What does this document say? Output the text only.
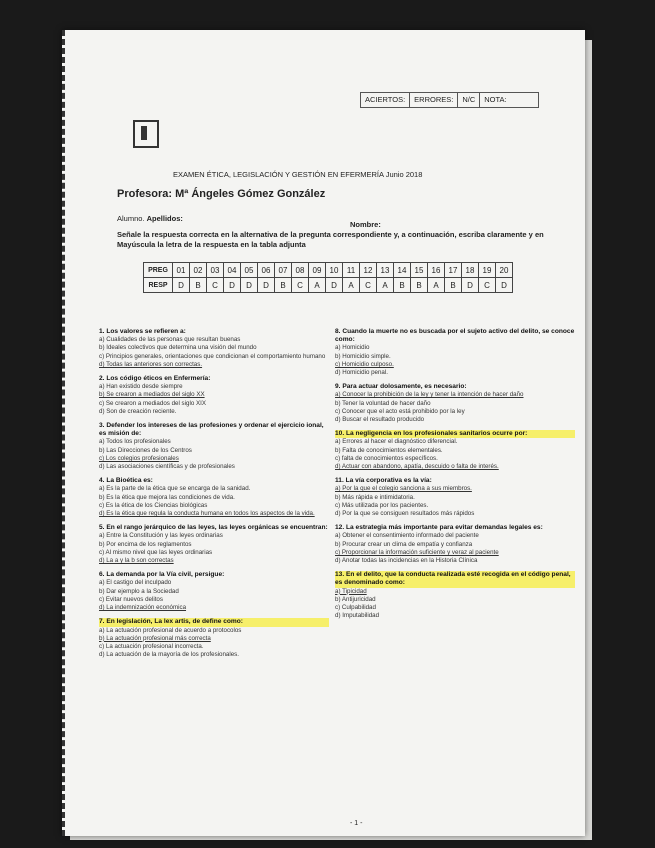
ACIERTOS:	ERRORES:	N/C	NOTA:
EXAMEN ÉTICA, LEGISLACIÓN Y GESTIÓN EN EFERMERÍA Junio 2018
Profesora: Mª Ángeles Gómez González
Alumno. Apellidos:
Nombre:
Señale la respuesta correcta en la alternativa de la pregunta correspondiente y, a continuación, escriba claramente y en Mayúscula la letra de la respuesta en la tabla adjunta
PREG	01	02	03	04	05	06	07	08	09	10	11	12	13	14	15	16	17	18	19	20
RESP	D	B	C	D	D	D	B	C	A	D	A	C	A	B	B	A	B	D	C	D
1. Los valores se refieren a:
a) Cualidades de las personas que resultan buenas
b) Ideales colectivos que determina una visión del mundo
c) Principios generales, orientaciones que condicionan el comportamiento humano
d) Todas las anteriores son correctas.
2. Los código éticos en Enfermería:
a) Han existido desde siempre
b) Se crearon a mediados del siglo XX
c) Se crearon a mediados del siglo XIX
d) Son de creación reciente.
3. Defender los intereses de las profesiones y ordenar el ejercicio ional, es misión de:
a) Todos los profesionales
b) Las Direcciones de los Centros
c) Los colegios profesionales
d) Las asociaciones científicas y de profesionales
4. La Bioética es:
a) Es la parte de la ética que se encarga de la sanidad.
b) Es la ética que mejora las condiciones de vida.
c) Es la ética de los Ciencias biológicas
d) Es la ética que regula la conducta humana en todos los aspectos de la vida.
5. En el rango jerárquico de las leyes, las leyes orgánicas se encuentran:
a) Entre la Constitución y las leyes ordinarias
b) Por encima de los reglamentos
c) Al mismo nivel que las leyes ordinarias
d) La a y la b son correctas
6. La demanda por la Vía civil, persigue:
a) El castigo del inculpado
b) Dar ejemplo a la Sociedad
c) Evitar nuevos delitos
d) La indemnización económica
7. En legislación, La lex artis, de define como:
a) La actuación profesional de acuerdo a protocolos
b) La actuación profesional más correcta
c) La actuación profesional incorrecta.
d) La actuación de la mayoría de los profesionales.
8. Cuando la muerte no es buscada por el sujeto activo del delito, se conoce como:
a) Homicidio
b) Homicidio simple.
c) Homicidio culposo.
d) Homicidio penal.
9. Para actuar dolosamente, es necesario:
a) Conocer la prohibición de la ley y tener la intención de hacer daño
b) Tener la voluntad de hacer daño
c) Conocer que el acto está prohibido por la ley
d) Buscar el resultado producido
10. La negligencia en los profesionales sanitarios ocurre por:
a) Errores al hacer el diagnóstico diferencial.
b) Falta de conocimientos elementales.
c) falta de conocimientos específicos.
d) Actuar con abandono, apatía, descuido o falta de interés.
11. La vía corporativa es la vía:
a) Por la que el colegio sanciona a sus miembros.
b) Más rápida e intimidatoria.
c) Más utilizada por los pacientes.
d) Por la que se consiguen resultados más rápidos
12. La estrategia más importante para evitar demandas legales es:
a) Obtener el consentimiento informado del paciente
b) Procurar crear un clima de empatía y confianza
c) Proporcionar la información suficiente y veraz al paciente
d) Anotar todas las incidencias en la Historia Clínica
13. En el delito, que la conducta realizada esté recogida en el código penal, es denominado como:
a) Tipicidad
b) Antijuricidad
c) Culpabilidad
d) Imputabilidad
- 1 -
